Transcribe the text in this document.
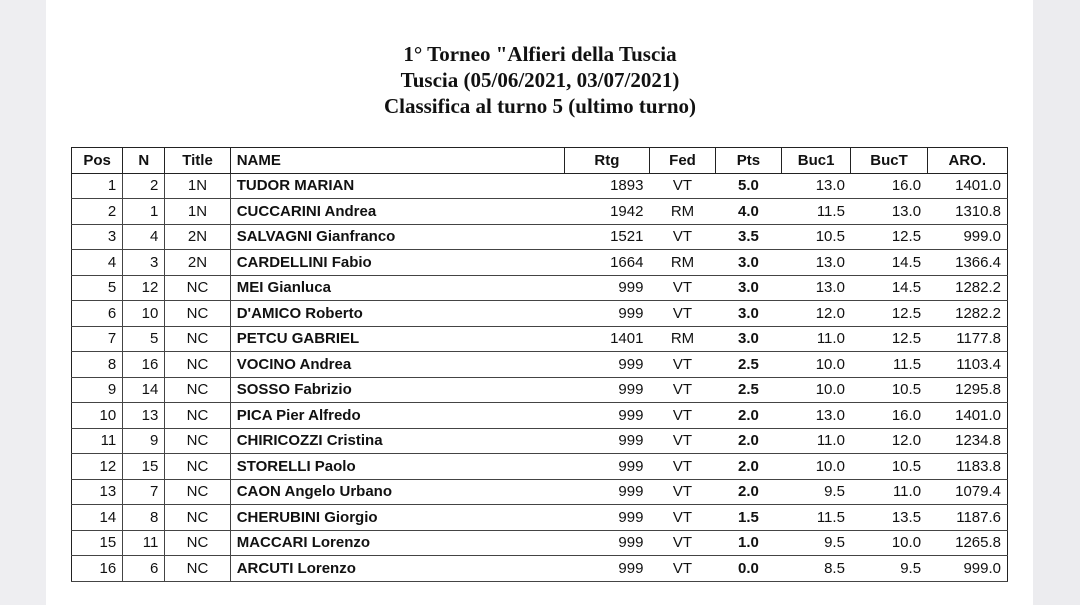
1° Torneo "Alfieri della Tuscia
Tuscia (05/06/2021, 03/07/2021)
Classifica al turno 5 (ultimo turno)
Pos	N	Title	NAME	Rtg	Fed	Pts	Buc1	BucT	ARO.
1	2	1N	TUDOR MARIAN	1893	VT	5.0	13.0	16.0	1401.0
2	1	1N	CUCCARINI Andrea	1942	RM	4.0	11.5	13.0	1310.8
3	4	2N	SALVAGNI Gianfranco	1521	VT	3.5	10.5	12.5	999.0
4	3	2N	CARDELLINI Fabio	1664	RM	3.0	13.0	14.5	1366.4
5	12	NC	MEI Gianluca	999	VT	3.0	13.0	14.5	1282.2
6	10	NC	D'AMICO Roberto	999	VT	3.0	12.0	12.5	1282.2
7	5	NC	PETCU GABRIEL	1401	RM	3.0	11.0	12.5	1177.8
8	16	NC	VOCINO Andrea	999	VT	2.5	10.0	11.5	1103.4
9	14	NC	SOSSO Fabrizio	999	VT	2.5	10.0	10.5	1295.8
10	13	NC	PICA Pier Alfredo	999	VT	2.0	13.0	16.0	1401.0
11	9	NC	CHIRICOZZI Cristina	999	VT	2.0	11.0	12.0	1234.8
12	15	NC	STORELLI Paolo	999	VT	2.0	10.0	10.5	1183.8
13	7	NC	CAON Angelo Urbano	999	VT	2.0	9.5	11.0	1079.4
14	8	NC	CHERUBINI Giorgio	999	VT	1.5	11.5	13.5	1187.6
15	11	NC	MACCARI Lorenzo	999	VT	1.0	9.5	10.0	1265.8
16	6	NC	ARCUTI Lorenzo	999	VT	0.0	8.5	9.5	999.0
